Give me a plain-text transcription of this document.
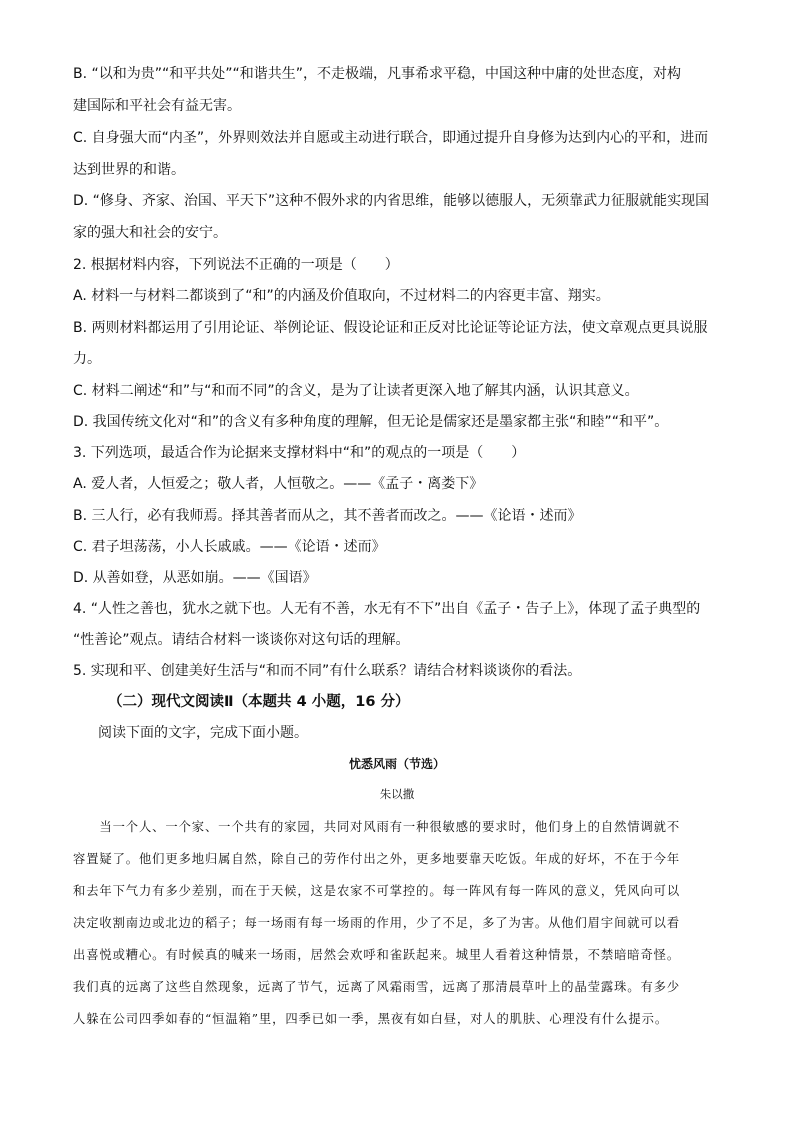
B. “以和为贵”“和平共处”“和谐共生”，不走极端，凡事希求平稳，中国这种中庸的处世态度，对构
建国际和平社会有益无害。
C. 自身强大而“内圣”，外界则效法并自愿或主动进行联合，即通过提升自身修为达到内心的平和，进而
达到世界的和谐。
D. “修身、齐家、治国、平天下”这种不假外求的内省思维，能够以德服人，无须靠武力征服就能实现国
家的强大和社会的安宁。
2. 根据材料内容，下列说法不正确的一项是（　　）
A. 材料一与材料二都谈到了“和”的内涵及价值取向，不过材料二的内容更丰富、翔实。
B. 两则材料都运用了引用论证、举例论证、假设论证和正反对比论证等论证方法，使文章观点更具说服
力。
C. 材料二阐述“和”与“和而不同”的含义，是为了让读者更深入地了解其内涵，认识其意义。
D. 我国传统文化对“和”的含义有多种角度的理解，但无论是儒家还是墨家都主张“和睦”“和平”。
3. 下列选项，最适合作为论据来支撑材料中“和”的观点的一项是（　　）
A. 爱人者，人恒爱之；敬人者，人恒敬之。——《孟子・离娄下》
B. 三人行，必有我师焉。择其善者而从之，其不善者而改之。——《论语・述而》
C. 君子坦荡荡，小人长戚戚。——《论语・述而》
D. 从善如登，从恶如崩。——《国语》
4. “人性之善也，犹水之就下也。人无有不善，水无有不下”出自《孟子・告子上》，体现了孟子典型的
“性善论”观点。请结合材料一谈谈你对这句话的理解。
5. 实现和平、创建美好生活与“和而不同”有什么联系？请结合材料谈谈你的看法。
（二）现代文阅读Ⅱ（本题共 4 小题，16 分）
阅读下面的文字，完成下面小题。
忧悉风雨（节选）
朱以撒
　　当一个人、一个家、一个共有的家园，共同对风雨有一种很敏感的要求时，他们身上的自然情调就不
容置疑了。他们更多地归属自然，除自己的劳作付出之外，更多地要靠天吃饭。年成的好坏，不在于今年
和去年下气力有多少差别，而在于天候，这是农家不可掌控的。每一阵风有每一阵风的意义，凭风向可以
决定收割南边或北边的稻子；每一场雨有每一场雨的作用，少了不足，多了为害。从他们眉宇间就可以看
出喜悦或糟心。有时候真的喊来一场雨，居然会欢呼和雀跃起来。城里人看着这种情景，不禁暗暗奇怪。
我们真的远离了这些自然现象，远离了节气，远离了风霜雨雪，远离了那清晨草叶上的晶莹露珠。有多少
人躲在公司四季如春的“恒温箱”里，四季已如一季，黑夜有如白昼，对人的肌肤、心理没有什么提示。
